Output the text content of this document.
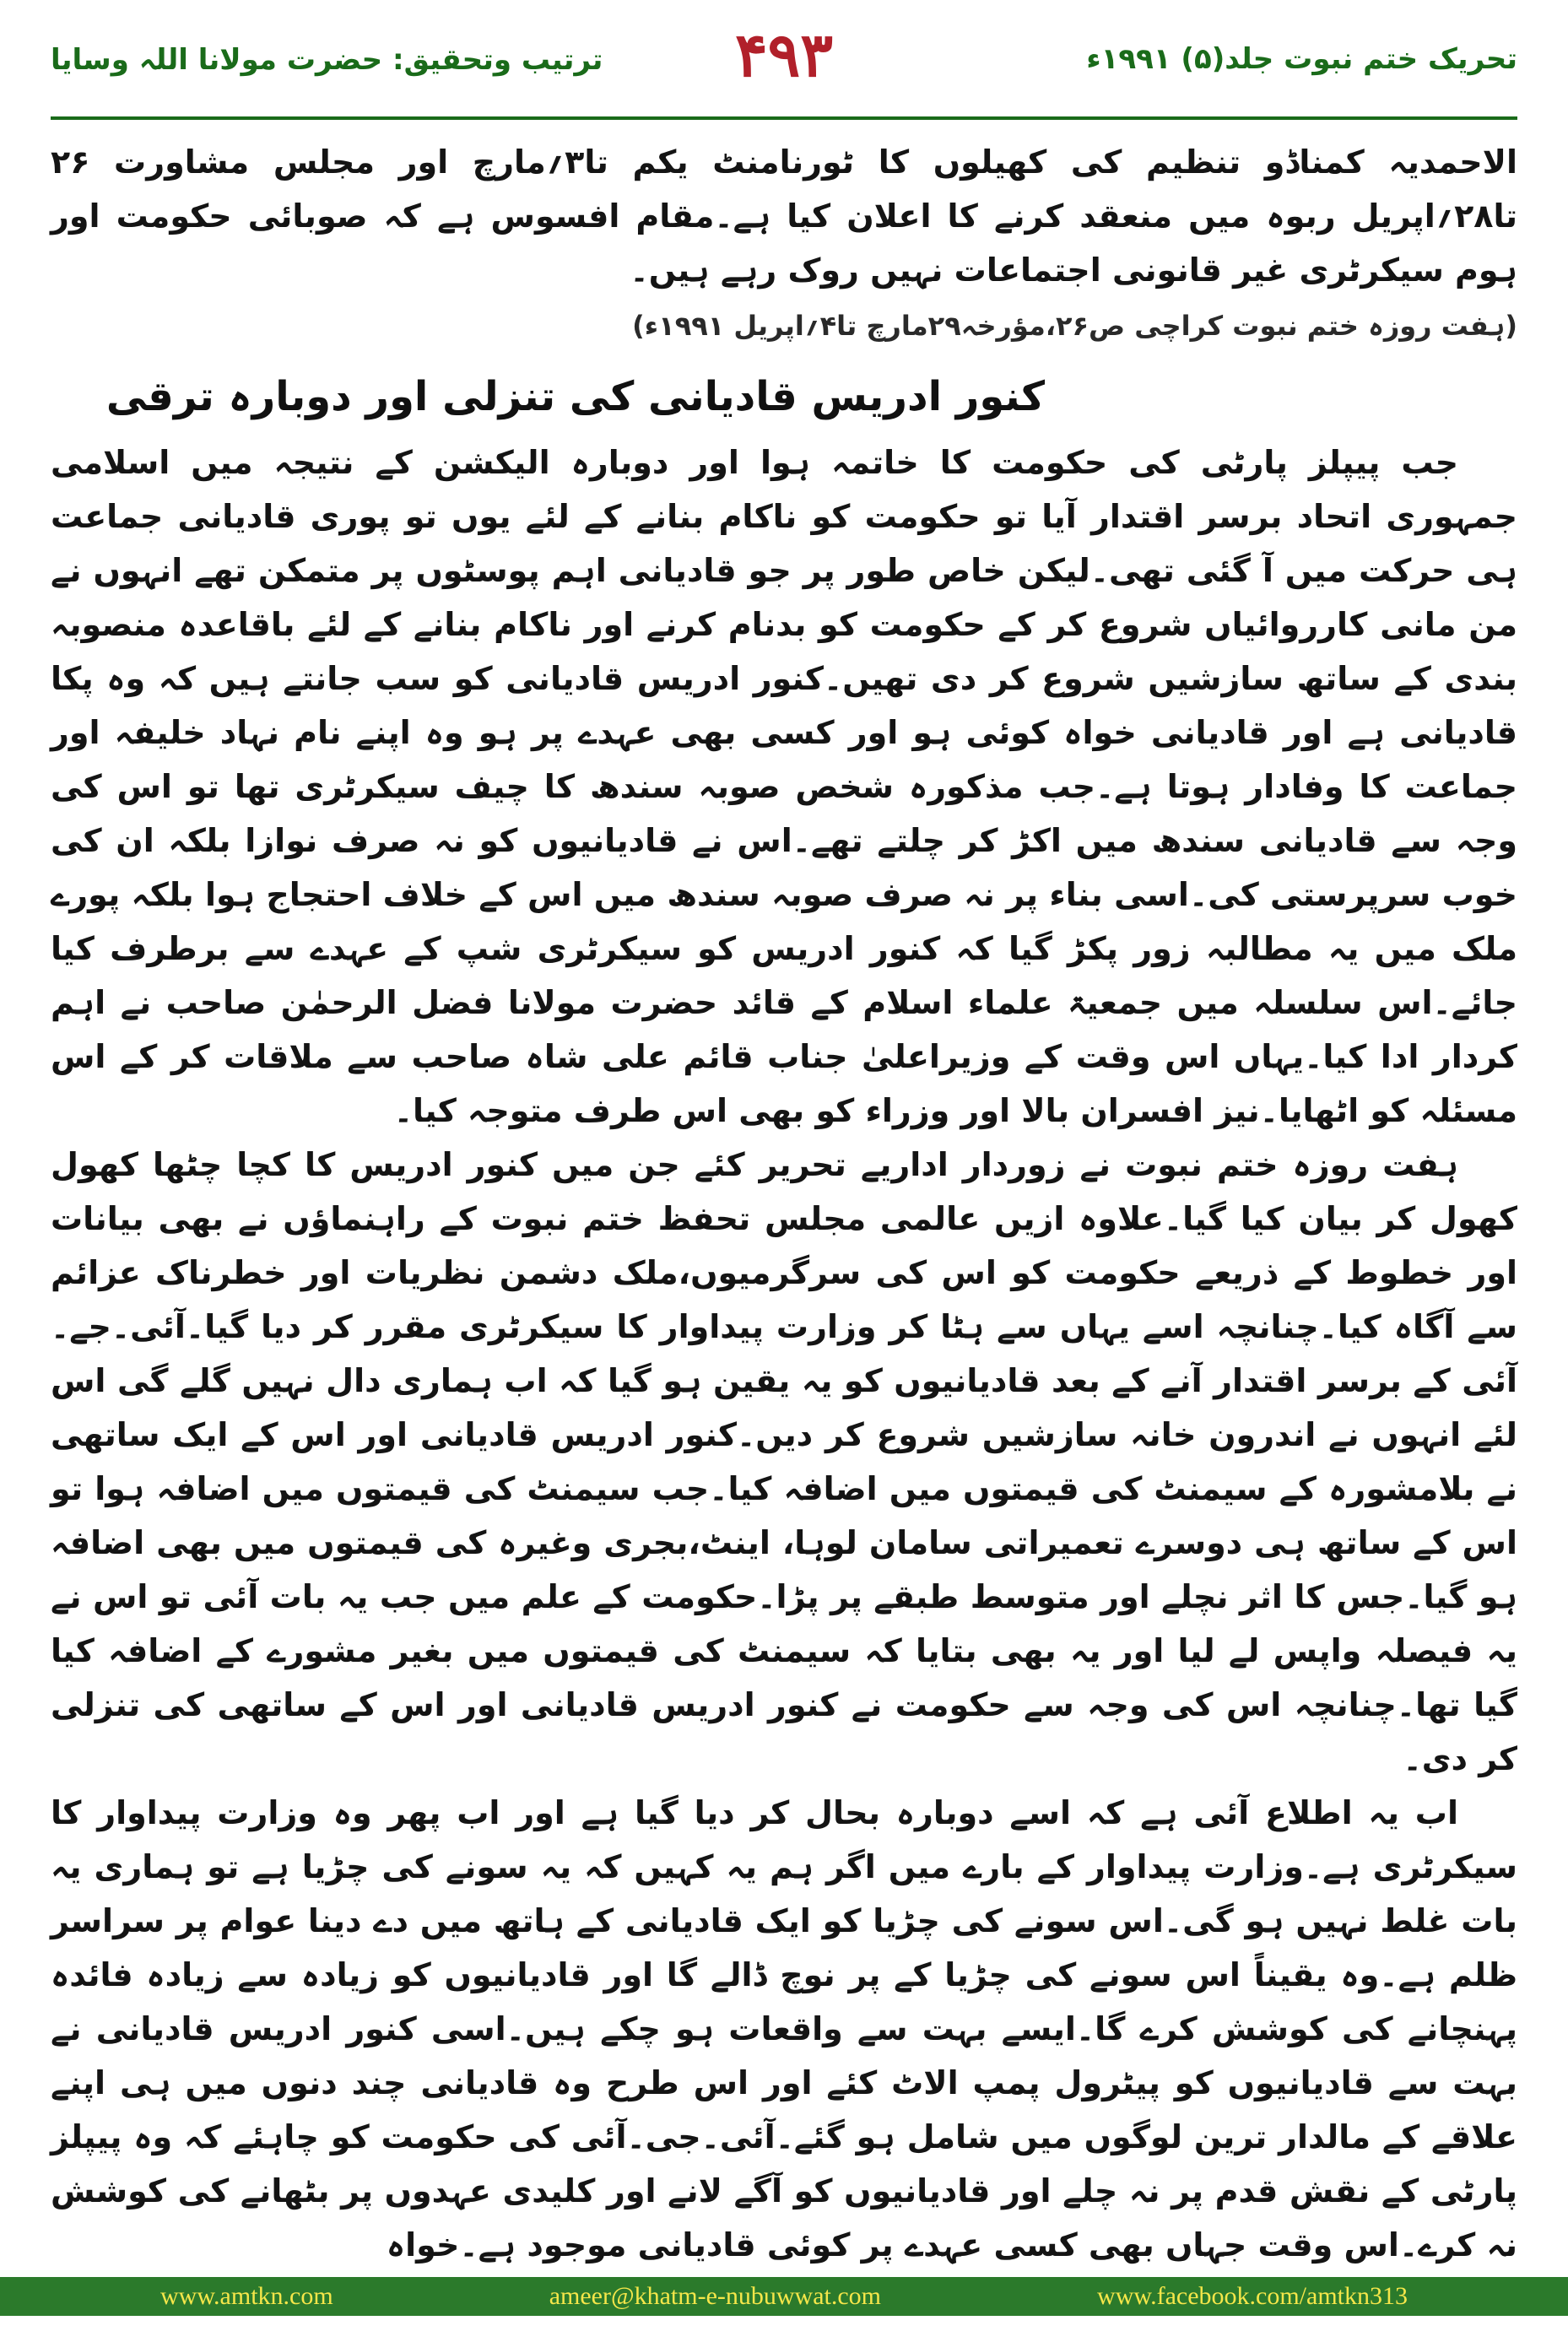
ترتیب وتحقیق: حضرت مولانا اللہ وسایا	۴۹۳	تحریک ختم نبوت جلد(۵) ۱۹۹۱ء

الاحمدیہ کمناڈو تنظیم کی کھیلوں کا ٹورنامنٹ یکم تا۳؍مارچ اور مجلس مشاورت ۲۶ تا۲۸؍اپریل ربوہ میں منعقد کرنے کا اعلان کیا ہے۔مقام افسوس ہے کہ صوبائی حکومت اور ہوم سیکرٹری غیر قانونی اجتماعات نہیں روک رہے ہیں۔

(ہفت روزہ ختم نبوت کراچی ص۲۶،مؤرخہ۲۹مارچ تا۴؍اپریل ۱۹۹۱ء)

کنور ادریس قادیانی کی تنزلی اور دوبارہ ترقی

جب پیپلز پارٹی کی حکومت کا خاتمہ ہوا اور دوبارہ الیکشن کے نتیجہ میں اسلامی جمہوری اتحاد برسر اقتدار آیا تو حکومت کو ناکام بنانے کے لئے یوں تو پوری قادیانی جماعت ہی حرکت میں آ گئی تھی۔لیکن خاص طور پر جو قادیانی اہم پوسٹوں پر متمکن تھے انہوں نے من مانی کارروائیاں شروع کر کے حکومت کو بدنام کرنے اور ناکام بنانے کے لئے باقاعدہ منصوبہ بندی کے ساتھ سازشیں شروع کر دی تھیں۔کنور ادریس قادیانی کو سب جانتے ہیں کہ وہ پکا قادیانی ہے اور قادیانی خواہ کوئی ہو اور کسی بھی عہدے پر ہو وہ اپنے نام نہاد خلیفہ اور جماعت کا وفادار ہوتا ہے۔جب مذکورہ شخص صوبہ سندھ کا چیف سیکرٹری تھا تو اس کی وجہ سے قادیانی سندھ میں اکڑ کر چلتے تھے۔اس نے قادیانیوں کو نہ صرف نوازا بلکہ ان کی خوب سرپرستی کی۔اسی بناء پر نہ صرف صوبہ سندھ میں اس کے خلاف احتجاج ہوا بلکہ پورے ملک میں یہ مطالبہ زور پکڑ گیا کہ کنور ادریس کو سیکرٹری شپ کے عہدے سے برطرف کیا جائے۔اس سلسلہ میں جمعیۃ علماء اسلام کے قائد حضرت مولانا فضل الرحمٰن صاحب نے اہم کردار ادا کیا۔یہاں اس وقت کے وزیراعلیٰ جناب قائم علی شاہ صاحب سے ملاقات کر کے اس مسئلہ کو اٹھایا۔نیز افسران بالا اور وزراء کو بھی اس طرف متوجہ کیا۔

ہفت روزہ ختم نبوت نے زوردار اداریے تحریر کئے جن میں کنور ادریس کا کچا چٹھا کھول کھول کر بیان کیا گیا۔علاوہ ازیں عالمی مجلس تحفظ ختم نبوت کے راہنماؤں نے بھی بیانات اور خطوط کے ذریعے حکومت کو اس کی سرگرمیوں،ملک دشمن نظریات اور خطرناک عزائم سے آگاہ کیا۔چنانچہ اسے یہاں سے ہٹا کر وزارت پیداوار کا سیکرٹری مقرر کر دیا گیا۔آئی۔جے۔آئی کے برسر اقتدار آنے کے بعد قادیانیوں کو یہ یقین ہو گیا کہ اب ہماری دال نہیں گلے گی اس لئے انہوں نے اندرون خانہ سازشیں شروع کر دیں۔کنور ادریس قادیانی اور اس کے ایک ساتھی نے بلامشورہ کے سیمنٹ کی قیمتوں میں اضافہ کیا۔جب سیمنٹ کی قیمتوں میں اضافہ ہوا تو اس کے ساتھ ہی دوسرے تعمیراتی سامان لوہا، اینٹ،بجری وغیرہ کی قیمتوں میں بھی اضافہ ہو گیا۔جس کا اثر نچلے اور متوسط طبقے پر پڑا۔حکومت کے علم میں جب یہ بات آئی تو اس نے یہ فیصلہ واپس لے لیا اور یہ بھی بتایا کہ سیمنٹ کی قیمتوں میں بغیر مشورے کے اضافہ کیا گیا تھا۔چنانچہ اس کی وجہ سے حکومت نے کنور ادریس قادیانی اور اس کے ساتھی کی تنزلی کر دی۔

اب یہ اطلاع آئی ہے کہ اسے دوبارہ بحال کر دیا گیا ہے اور اب پھر وہ وزارت پیداوار کا سیکرٹری ہے۔وزارت پیداوار کے بارے میں اگر ہم یہ کہیں کہ یہ سونے کی چڑیا ہے تو ہماری یہ بات غلط نہیں ہو گی۔اس سونے کی چڑیا کو ایک قادیانی کے ہاتھ میں دے دینا عوام پر سراسر ظلم ہے۔وہ یقیناً اس سونے کی چڑیا کے پر نوچ ڈالے گا اور قادیانیوں کو زیادہ سے زیادہ فائدہ پہنچانے کی کوشش کرے گا۔ایسے بہت سے واقعات ہو چکے ہیں۔اسی کنور ادریس قادیانی نے بہت سے قادیانیوں کو پیٹرول پمپ الاٹ کئے اور اس طرح وہ قادیانی چند دنوں میں ہی اپنے علاقے کے مالدار ترین لوگوں میں شامل ہو گئے۔آئی۔جی۔آئی کی حکومت کو چاہئے کہ وہ پیپلز پارٹی کے نقش قدم پر نہ چلے اور قادیانیوں کو آگے لانے اور کلیدی عہدوں پر بٹھانے کی کوشش نہ کرے۔اس وقت جہاں بھی کسی عہدے پر کوئی قادیانی موجود ہے۔خواہ

www.amtkn.com	ameer@khatm-e-nubuwwat.com	www.facebook.com/amtkn313
